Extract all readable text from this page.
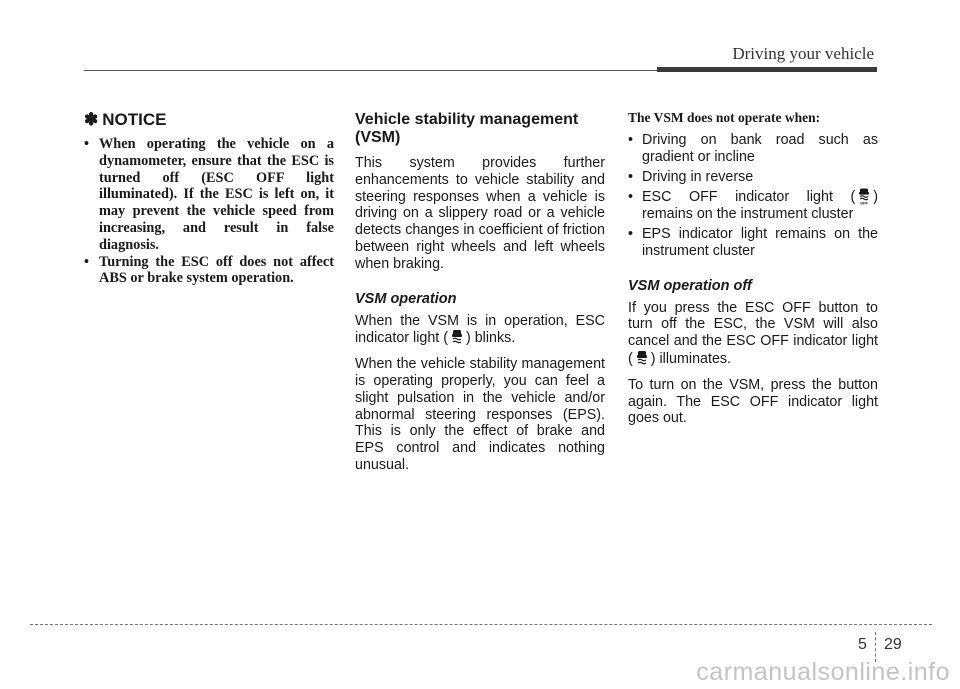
Driving your vehicle
✽ NOTICE
• When operating the vehicle on a dynamometer, ensure that the ESC is turned off (ESC OFF light illuminated). If the ESC is left on, it may prevent the vehicle speed from increasing, and result in false diagnosis.
• Turning the ESC off does not affect ABS or brake system operation.
Vehicle stability management (VSM)

This system provides further enhancements to vehicle stability and steering responses when a vehicle is driving on a slippery road or a vehicle detects changes in coefficient of friction between right wheels and left wheels when braking.

VSM operation

When the VSM is in operation, ESC indicator light ( ) blinks.

When the vehicle stability management is operating properly, you can feel a slight pulsation in the vehicle and/or abnormal steering responses (EPS). This is only the effect of brake and EPS control and indicates nothing unusual.

The VSM does not operate when:
• Driving on bank road such as gradient or incline
• Driving in reverse
• ESC OFF indicator light ( OFF ) remains on the instrument cluster
• EPS indicator light remains on the instrument cluster
VSM operation off

If you press the ESC OFF button to turn off the ESC, the VSM will also cancel and the ESC OFF indicator light ( ) illuminates.

To turn on the VSM, press the button again. The ESC OFF indicator light goes out.

5 29
carmanualsonline.info
